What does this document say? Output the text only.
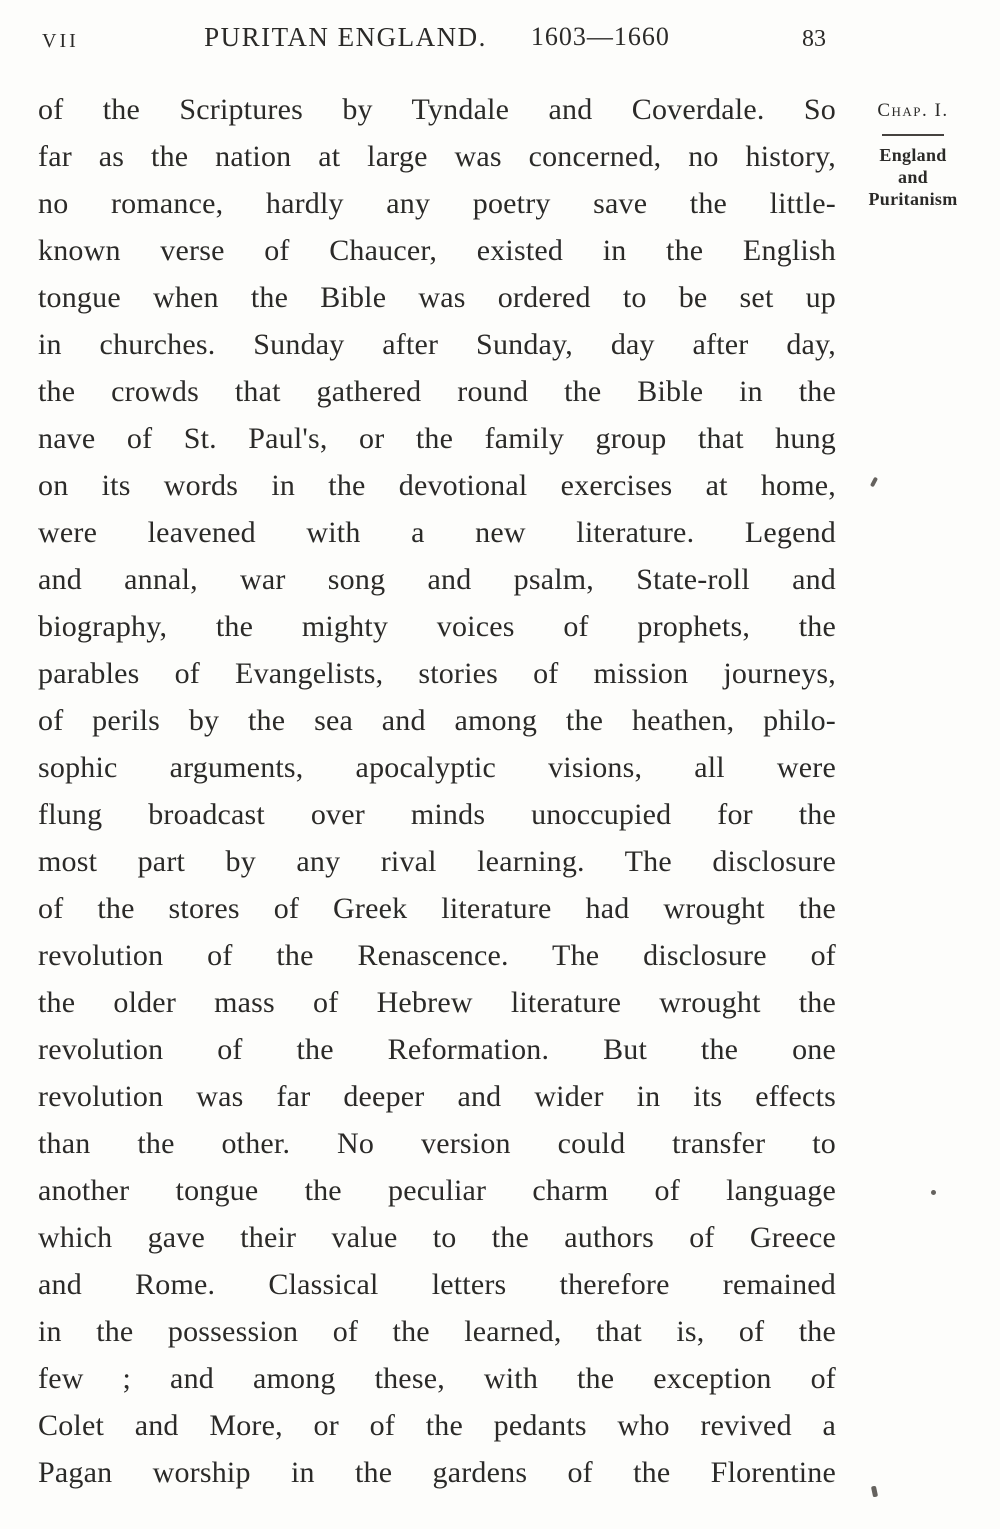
VII	PURITAN ENGLAND. 1603—1660	83
of the Scriptures by Tyndale and Coverdale. So
far as the nation at large was concerned, no history,
no romance, hardly any poetry save the little-
known verse of Chaucer, existed in the English
tongue when the Bible was ordered to be set up
in churches. Sunday after Sunday, day after day,
the crowds that gathered round the Bible in the
nave of St. Paul's, or the family group that hung
on its words in the devotional exercises at home,
were leavened with a new literature. Legend
and annal, war song and psalm, State-roll and
biography, the mighty voices of prophets, the
parables of Evangelists, stories of mission journeys,
of perils by the sea and among the heathen, philo-
sophic arguments, apocalyptic visions, all were
flung broadcast over minds unoccupied for the
most part by any rival learning. The disclosure
of the stores of Greek literature had wrought the
revolution of the Renascence. The disclosure of
the older mass of Hebrew literature wrought the
revolution of the Reformation. But the one
revolution was far deeper and wider in its effects
than the other. No version could transfer to
another tongue the peculiar charm of language
which gave their value to the authors of Greece
and Rome. Classical letters therefore remained
in the possession of the learned, that is, of the
few ; and among these, with the exception of
Colet and More, or of the pedants who revived a
Pagan worship in the gardens of the Florentine
Chap. I.
England
and
Puritanism
